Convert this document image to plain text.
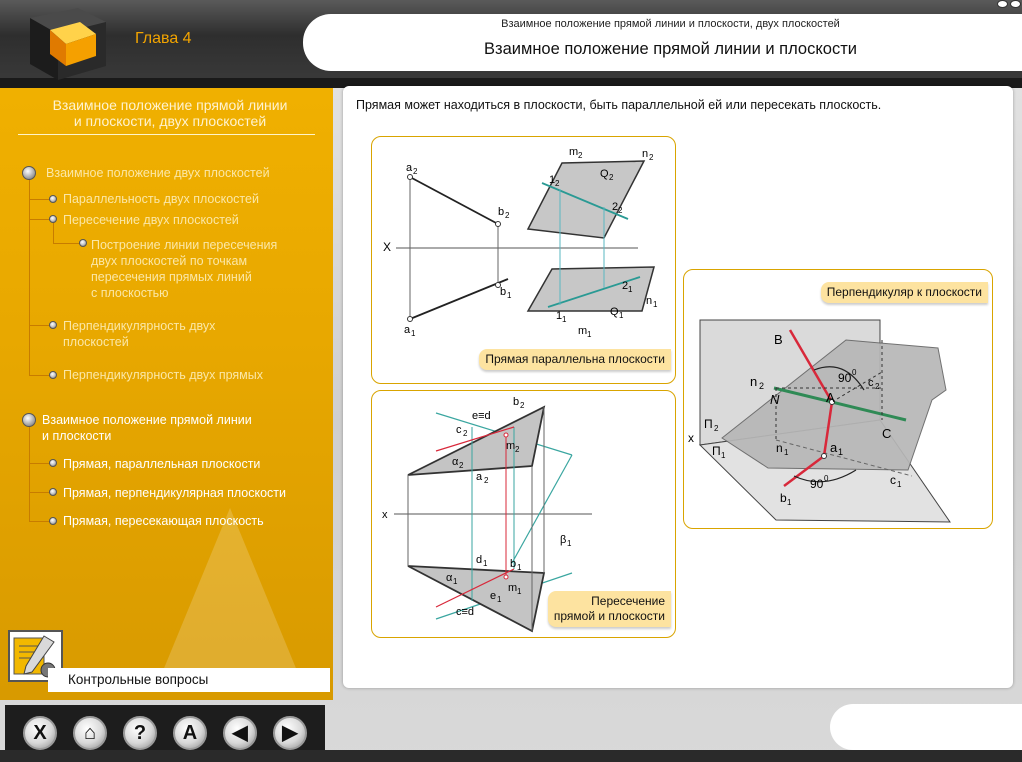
Глава 4
Взаимное положение прямой линии и плоскости, двух плоскостей
Взаимное положение прямой линии и плоскости
Взаимное положение прямой линии
и плоскости, двух плоскостей
Взаимное положение двух плоскостей
Параллельность двух плоскостей
Пересечение двух плоскостей
Построение линии пересечения
двух плоскостей по точкам
пересечения прямых линий
с плоскостью
Перпендикулярность двух
плоскостей
Перпендикулярность двух прямых
Взаимное положение прямой линии
и плоскости
Прямая, параллельная плоскости
Прямая, перпендикулярная плоскости
Прямая, пересекающая плоскость
Контрольные вопросы
X	⌂	?	A	◀	▶
Прямая может находиться в плоскости, быть параллельной ей или пересекать плоскость.
a 2
b 2
X
b 1
a 1
m 2	n 2
Q 2
1 2
2 2
2 1
n 1
1 1
Q 1
m 1
Прямая параллельна плоскости
x
b 2
e≡d
c 2
m 2
α 2
a 2
β 1
d 1 b 1
α 1
e 1
m 1
c≡d
Пересечение
прямой и плоскости
B
n 2
N	A
C
c 2
90 0
Π 2
x
Π 1
n 1	a 1
90 0
b 1
c 1
Перпендикуляр к плоскости
